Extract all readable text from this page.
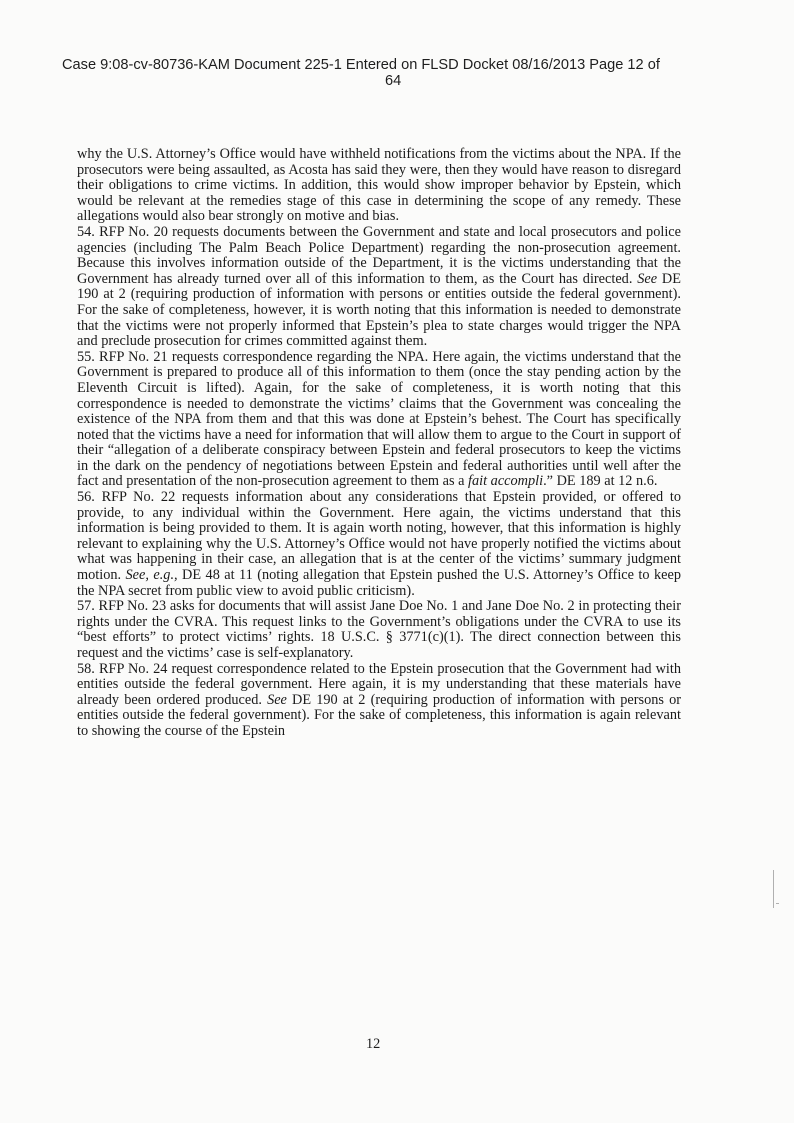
Case 9:08-cv-80736-KAM Document 225-1 Entered on FLSD Docket 08/16/2013 Page 12 of
64

why the U.S. Attorney’s Office would have withheld notifications from the victims about the NPA. If the prosecutors were being assaulted, as Acosta has said they were, then they would have reason to disregard their obligations to crime victims. In addition, this would show improper behavior by Epstein, which would be relevant at the remedies stage of this case in determining the scope of any remedy. These allegations would also bear strongly on motive and bias.

54. RFP No. 20 requests documents between the Government and state and local prosecutors and police agencies (including The Palm Beach Police Department) regarding the non-prosecution agreement. Because this involves information outside of the Department, it is the victims understanding that the Government has already turned over all of this information to them, as the Court has directed. See DE 190 at 2 (requiring production of information with persons or entities outside the federal government). For the sake of completeness, however, it is worth noting that this information is needed to demonstrate that the victims were not properly informed that Epstein’s plea to state charges would trigger the NPA and preclude prosecution for crimes committed against them.

55. RFP No. 21 requests correspondence regarding the NPA. Here again, the victims understand that the Government is prepared to produce all of this information to them (once the stay pending action by the Eleventh Circuit is lifted). Again, for the sake of completeness, it is worth noting that this correspondence is needed to demonstrate the victims’ claims that the Government was concealing the existence of the NPA from them and that this was done at Epstein’s behest. The Court has specifically noted that the victims have a need for information that will allow them to argue to the Court in support of their “allegation of a deliberate conspiracy between Epstein and federal prosecutors to keep the victims in the dark on the pendency of negotiations between Epstein and federal authorities until well after the fact and presentation of the non-prosecution agreement to them as a fait accompli.” DE 189 at 12 n.6.

56. RFP No. 22 requests information about any considerations that Epstein provided, or offered to provide, to any individual within the Government. Here again, the victims understand that this information is being provided to them. It is again worth noting, however, that this information is highly relevant to explaining why the U.S. Attorney’s Office would not have properly notified the victims about what was happening in their case, an allegation that is at the center of the victims’ summary judgment motion. See, e.g., DE 48 at 11 (noting allegation that Epstein pushed the U.S. Attorney’s Office to keep the NPA secret from public view to avoid public criticism).

57. RFP No. 23 asks for documents that will assist Jane Doe No. 1 and Jane Doe No. 2 in protecting their rights under the CVRA. This request links to the Government’s obligations under the CVRA to use its “best efforts” to protect victims’ rights. 18 U.S.C. § 3771(c)(1). The direct connection between this request and the victims’ case is self-explanatory.

58. RFP No. 24 request correspondence related to the Epstein prosecution that the Government had with entities outside the federal government. Here again, it is my understanding that these materials have already been ordered produced. See DE 190 at 2 (requiring production of information with persons or entities outside the federal government). For the sake of completeness, this information is again relevant to showing the course of the Epstein

12
